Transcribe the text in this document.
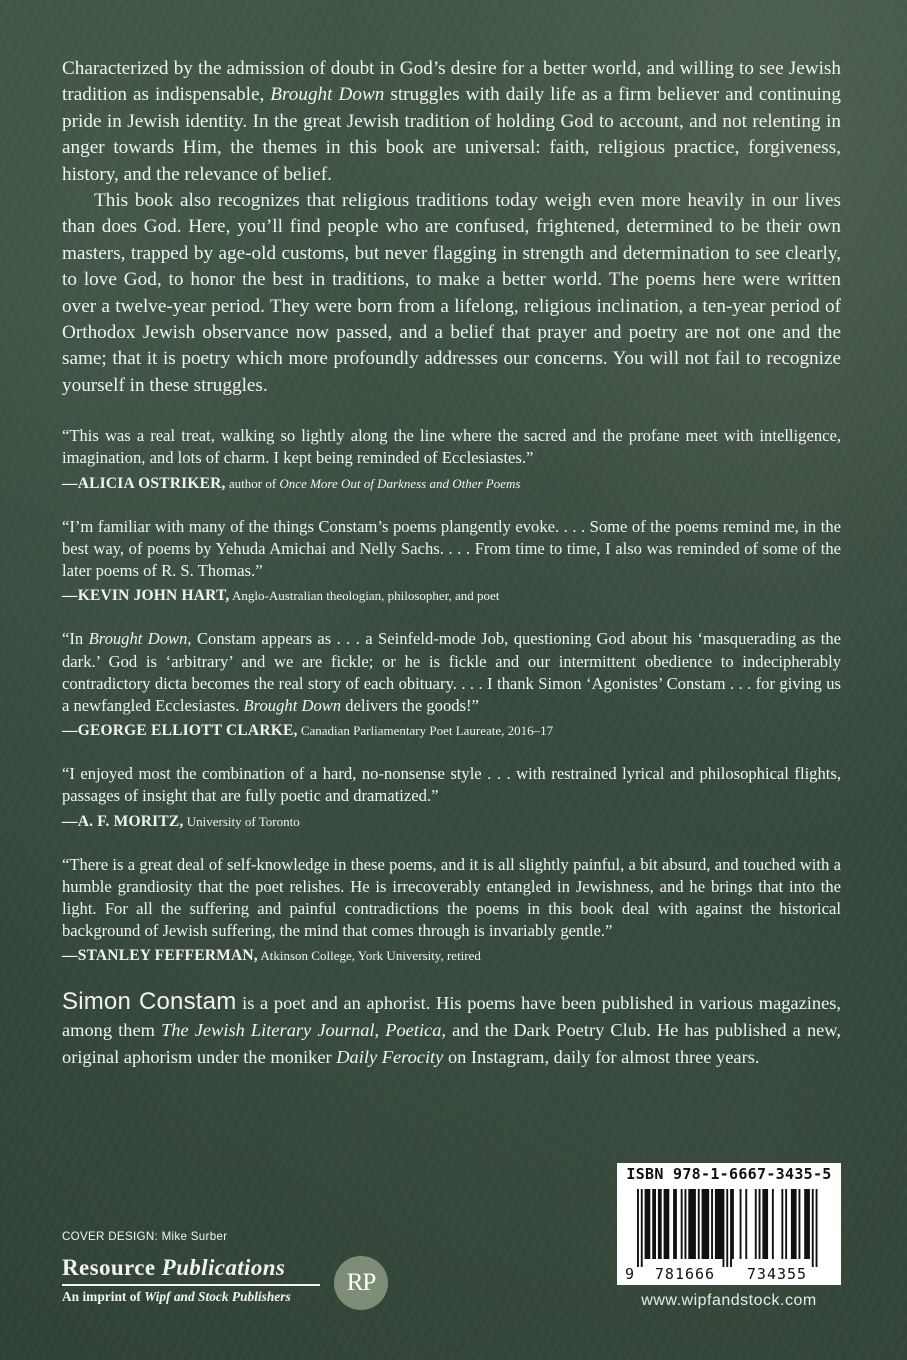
Characterized by the admission of doubt in God’s desire for a better world, and willing to see Jewish tradition as indispensable, Brought Down struggles with daily life as a firm believer and continuing pride in Jewish identity. In the great Jewish tradition of holding God to account, and not relenting in anger towards Him, the themes in this book are universal: faith, religious practice, forgiveness, history, and the relevance of belief.

This book also recognizes that religious traditions today weigh even more heavily in our lives than does God. Here, you’ll find people who are confused, frightened, determined to be their own masters, trapped by age-old customs, but never flagging in strength and determination to see clearly, to love God, to honor the best in traditions, to make a better world. The poems here were written over a twelve-year period. They were born from a lifelong, religious inclination, a ten-year period of Orthodox Jewish observance now passed, and a belief that prayer and poetry are not one and the same; that it is poetry which more profoundly addresses our concerns. You will not fail to recognize yourself in these struggles.

“This was a real treat, walking so lightly along the line where the sacred and the profane meet with intelligence, imagination, and lots of charm. I kept being reminded of Ecclesiastes.”

—ALICIA OSTRIKER, author of Once More Out of Darkness and Other Poems

“I’m familiar with many of the things Constam’s poems plangently evoke. . . . Some of the poems remind me, in the best way, of poems by Yehuda Amichai and Nelly Sachs. . . . From time to time, I also was reminded of some of the later poems of R. S. Thomas.”

—KEVIN JOHN HART, Anglo-Australian theologian, philosopher, and poet

“In Brought Down, Constam appears as . . . a Seinfeld-mode Job, questioning God about his ‘masquerading as the dark.’ God is ‘arbitrary’ and we are fickle; or he is fickle and our intermittent obedience to indecipherably contradictory dicta becomes the real story of each obituary. . . . I thank Simon ‘Agonistes’ Constam . . . for giving us a newfangled Ecclesiastes. Brought Down delivers the goods!”

—GEORGE ELLIOTT CLARKE, Canadian Parliamentary Poet Laureate, 2016–17

“I enjoyed most the combination of a hard, no-nonsense style . . . with restrained lyrical and philosophical flights, passages of insight that are fully poetic and dramatized.”

—A. F. MORITZ, University of Toronto

“There is a great deal of self-knowledge in these poems, and it is all slightly painful, a bit absurd, and touched with a humble grandiosity that the poet relishes. He is irrecoverably entangled in Jewishness, and he brings that into the light. For all the suffering and painful contradictions the poems in this book deal with against the historical background of Jewish suffering, the mind that comes through is invariably gentle.”

—STANLEY FEFFERMAN, Atkinson College, York University, retired

Simon Constam is a poet and an aphorist. His poems have been published in various magazines, among them The Jewish Literary Journal, Poetica, and the Dark Poetry Club. He has published a new, original aphorism under the moniker Daily Ferocity on Instagram, daily for almost three years.

COVER DESIGN: Mike Surber
Resource Publications
An imprint of Wipf and Stock Publishers
RP
ISBN 978-1-6667-3435-5
9 781666 734355
www.wipfandstock.com
